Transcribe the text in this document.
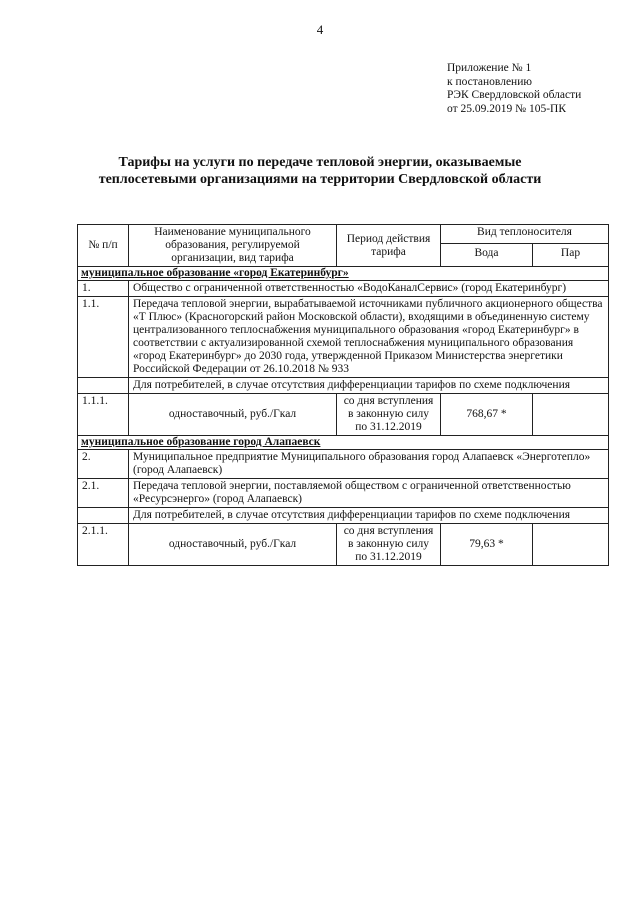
4
Приложение № 1
к постановлению
РЭК Свердловской области
от 25.09.2019 № 105-ПК
Тарифы на услуги по передаче тепловой энергии, оказываемые
теплосетевыми организациями на территории Свердловской области
№ п/п	Наименование муниципального образования, регулируемой организации, вид тарифа	Период действия тарифа	Вид теплоносителя	
			Вода	Пар
муниципальное образование «город Екатеринбург»				
1.	Общество с ограниченной ответственностью «ВодоКаналСервис» (город Екатеринбург)			
1.1.	Передача тепловой энергии, вырабатываемой источниками публичного акционерного общества «Т Плюс» (Красногорский район Московской области), входящими в объединенную систему централизованного теплоснабжения муниципального образования «город Екатеринбург» в соответствии с актуализированной схемой теплоснабжения муниципального образования «город Екатеринбург» до 2030 года, утвержденной Приказом Министерства энергетики Российской Федерации от 26.10.2018 № 933			
	Для потребителей, в случае отсутствия дифференциации тарифов по схеме подключения			
1.1.1.	одноставочный, руб./Гкал	со дня вступления в законную силу по 31.12.2019	768,67 *	
муниципальное образование город Алапаевск				
2.	Муниципальное предприятие Муниципального образования город Алапаевск «Энерготепло» (город Алапаевск)			
2.1.	Передача тепловой энергии, поставляемой обществом с ограниченной ответственностью «Ресурсэнерго» (город Алапаевск)			
	Для потребителей, в случае отсутствия дифференциации тарифов по схеме подключения			
2.1.1.	одноставочный, руб./Гкал	со дня вступления в законную силу по 31.12.2019	79,63 *	
